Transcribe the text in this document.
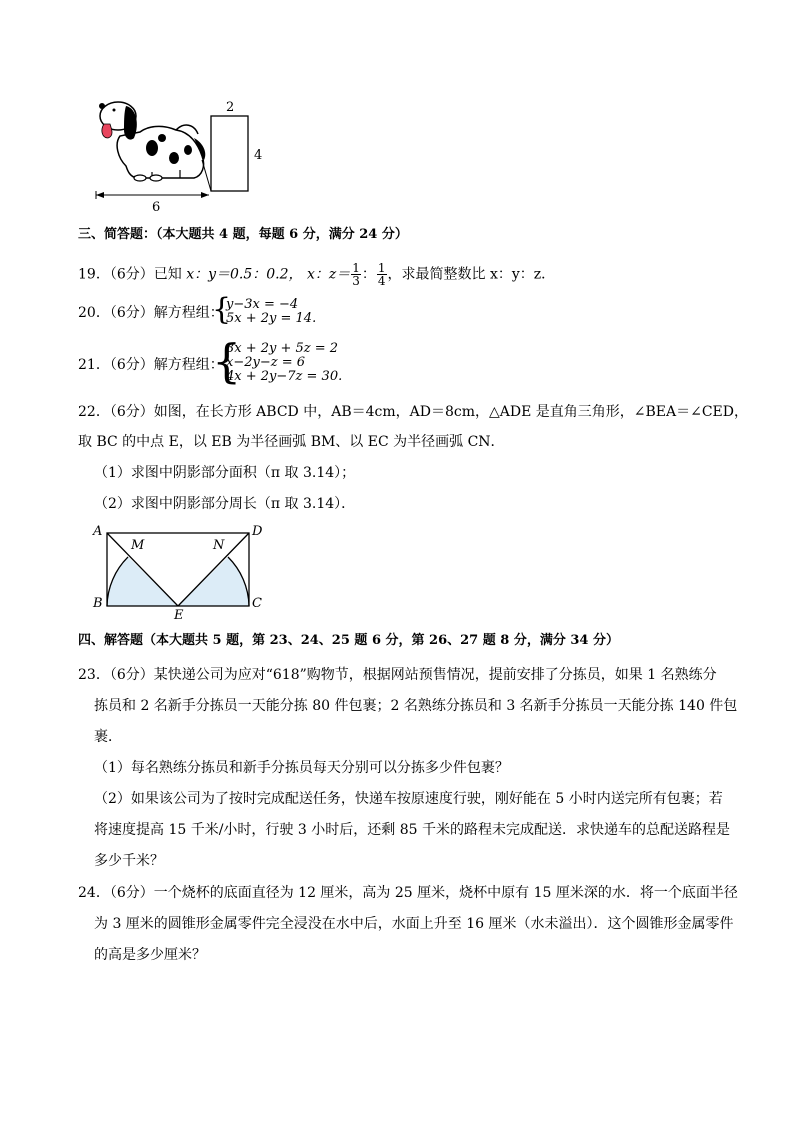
2
4
6
三、简答题：（本大题共 4 题，每题 6 分，满分 24 分）
19．（6分）已知 x：y＝0.5：0.2， x：$z= \frac{1}{3}$ ： $\frac{1}{4}$ ，求最简整数比 x：y：z．
20．（6分）解方程组：
{
y−3x = −4
5x + 2y = 14.
21．（6分）解方程组：
{
3x + 2y + 5z = 2
x−2y−z = 6
4x + 2y−7z = 30.
22．（6分）如图，在长方形 ABCD 中，AB＝4cm，AD＝8cm，△ADE 是直角三角形，∠BEA＝∠CED，
取 BC 的中点 E，以 EB 为半径画弧 BM、以 EC 为半径画弧 CN．
（1）求图中阴影部分面积（π 取 3.14）；
（2）求图中阴影部分周长（π 取 3.14）．
A	D
B	C
E
M	N
四、解答题（本大题共 5 题，第 23、24、25 题 6 分，第 26、27 题 8 分，满分 34 分）
23．（6分）某快递公司为应对“618”购物节，根据网站预售情况，提前安排了分拣员，如果 1 名熟练分
拣员和 2 名新手分拣员一天能分拣 80 件包裹；2 名熟练分拣员和 3 名新手分拣员一天能分拣 140 件包
裹．
（1）每名熟练分拣员和新手分拣员每天分别可以分拣多少件包裹？
（2）如果该公司为了按时完成配送任务，快递车按原速度行驶，刚好能在 5 小时内送完所有包裹；若
将速度提高 15 千米/小时，行驶 3 小时后，还剩 85 千米的路程未完成配送．求快递车的总配送路程是
多少千米？
24．（6分）一个烧杯的底面直径为 12 厘米，高为 25 厘米，烧杯中原有 15 厘米深的水．将一个底面半径
为 3 厘米的圆锥形金属零件完全浸没在水中后，水面上升至 16 厘米（水未溢出）．这个圆锥形金属零件
的高是多少厘米？
